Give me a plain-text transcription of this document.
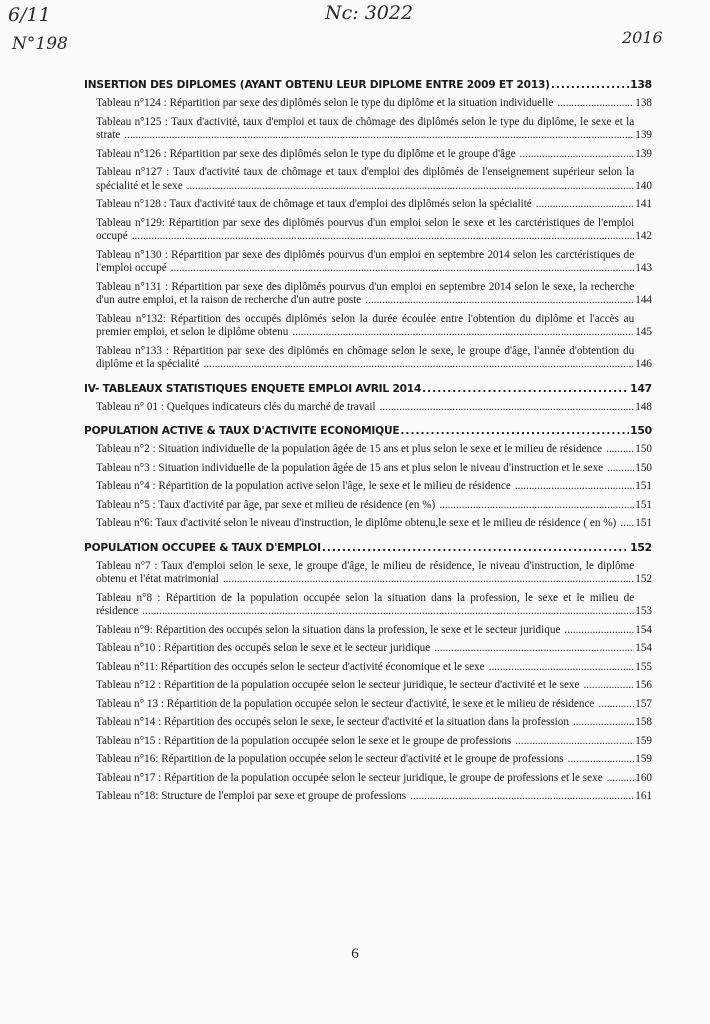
6/11
N°198
Nc: 3022
2016
INSERTION DES DIPLOMES (AYANT OBTENU LEUR DIPLOME ENTRE 2009 ET 2013) .....	138
Tableau n°124 : Répartition par sexe des diplômés selon le type du diplôme et la situation individuelle .....	138
Tableau n°125 : Taux d'activité, taux d'emploi et taux de chômage des diplômés selon le type du diplôme, le sexe et la strate .....	139
Tableau n°126 : Répartition par sexe des diplômés selon le type du diplôme et le groupe d'âge .....	139
Tableau n°127 : Taux d'activité taux de chômage et taux d'emploi des diplômés de l'enseignement supérieur selon la spécialité et le sexe .....	140
Tableau n°128 : Taux d'activité taux de chômage et taux d'emploi des diplômés selon la spécialité .....	141
Tableau n°129: Répartition par sexe des diplômés pourvus d'un emploi selon le sexe et les carctéristiques de l'emploi occupé .....	142
Tableau n°130 : Répartition par sexe des diplômés pourvus d'un emploi en septembre 2014 selon les carctéristiques de l'emploi occupé .....	143
Tableau n°131 : Répartition par sexe des diplômés pourvus d'un emploi en septembre 2014 selon le sexe, la recherche d'un autre emploi, et la raison de recherche d'un autre poste .....	144
Tableau n°132: Répartition des occupés diplômés selon la durée écoulée entre l'obtention du diplôme et l'accès au premier emploi, et selon le diplôme obtenu .....	145
Tableau n°133 : Répartition par sexe des diplômés en chômage selon le sexe, le groupe d'âge, l'année d'obtention du diplôme et la spécialité .....	146
IV- TABLEAUX STATISTIQUES ENQUETE EMPLOI AVRIL 2014 .....	147
Tableau n° 01 : Quelques indicateurs clés du marché de travail .....	148
POPULATION ACTIVE & TAUX D'ACTIVITE ECONOMIQUE .....	150
Tableau n°2 : Situation individuelle de la population âgée de 15 ans et plus selon le sexe et le milieu de résidence .....	150
Tableau n°3 : Situation individuelle de la population âgée de 15 ans et plus selon le niveau d'instruction et le sexe .....	150
Tableau n°4 : Répartition de la population active selon l'âge, le sexe et le milieu de résidence .....	151
Tableau n°5 : Taux d'activité par âge, par sexe et milieu de résidence (en %) .....	151
Tableau n°6: Taux d'activité selon le niveau d'instruction, le diplôme obtenu,le sexe et le milieu de résidence ( en %) .....	151
POPULATION OCCUPEE & TAUX D'EMPLOI .....	152
Tableau n°7 : Taux d'emploi selon le sexe, le groupe d'âge, le milieu de résidence, le niveau d'instruction, le diplôme obtenu et l'état matrimonial .....	152
Tableau n°8 : Répartition de la population occupée selon la situation dans la profession, le sexe et le milieu de résidence .....	153
Tableau n°9: Répartition des occupés selon la situation dans la profession, le sexe et le secteur juridique .....	154
Tableau n°10 : Répartition des occupés selon le sexe et le secteur juridique .....	154
Tableau n°11: Répartition des occupés selon le secteur d'activité économique et le sexe .....	155
Tableau n°12 : Répartition de la population occupée selon le secteur juridique, le secteur d'activité et le sexe .....	156
Tableau n° 13 : Répartition de la population occupée selon le secteur d'activité, le sexe et le milieu de résidence .....	157
Tableau n°14 : Répartition des occupés selon le sexe, le secteur d'activité et la situation dans la profession .....	158
Tableau n°15 : Répartition de la population occupée selon le sexe et le groupe de professions .....	159
Tableau n°16: Répartition de la population occupée selon le secteur d'activité et le groupe de professions .....	159
Tableau n°17 : Répartition de la population occupée selon le secteur juridique, le groupe de professions et le sexe .....	160
Tableau n°18: Structure de l'emploi par sexe et groupe de professions .....	161
6
